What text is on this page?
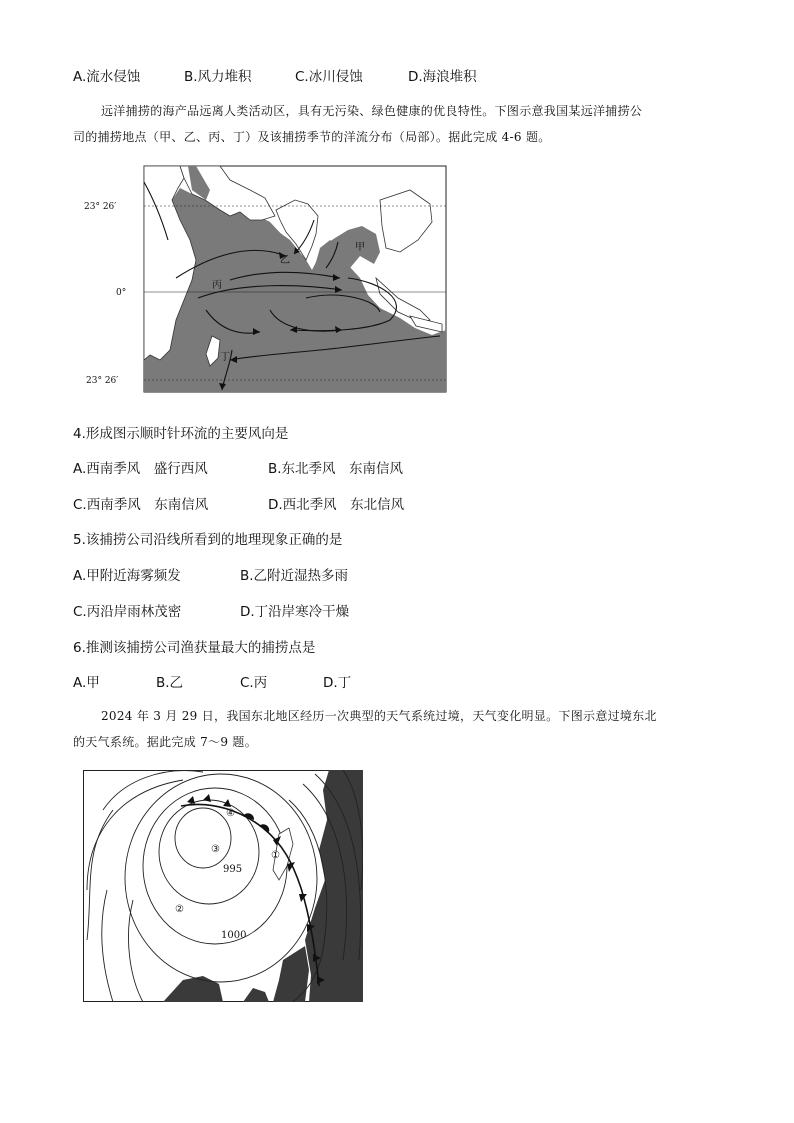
A.流水侵蚀	B.风力堆积	C.冰川侵蚀	D.海浪堆积
远洋捕捞的海产品远离人类活动区，具有无污染、绿色健康的优良特性。下图示意我国某远洋捕捞公
司的捕捞地点（甲、乙、丙、丁）及该捕捞季节的洋流分布（局部）。据此完成 4-6 题。
23° 26′
0°
23° 26′
甲
乙
丙
丁
4.形成图示顺时针环流的主要风向是
A.西南季风　盛行西风	B.东北季风　东南信风
C.西南季风　东南信风	D.西北季风　东北信风
5.该捕捞公司沿线所看到的地理现象正确的是
A.甲附近海雾频发	B.乙附近湿热多雨
C.丙沿岸雨林茂密	D.丁沿岸寒冷干燥
6.推测该捕捞公司渔获量最大的捕捞点是
A.甲	B.乙	C.丙	D.丁
2024 年 3 月 29 日，我国东北地区经历一次典型的天气系统过境，天气变化明显。下图示意过境东北
的天气系统。据此完成 7～9 题。
④
①
③
②
995
1000
